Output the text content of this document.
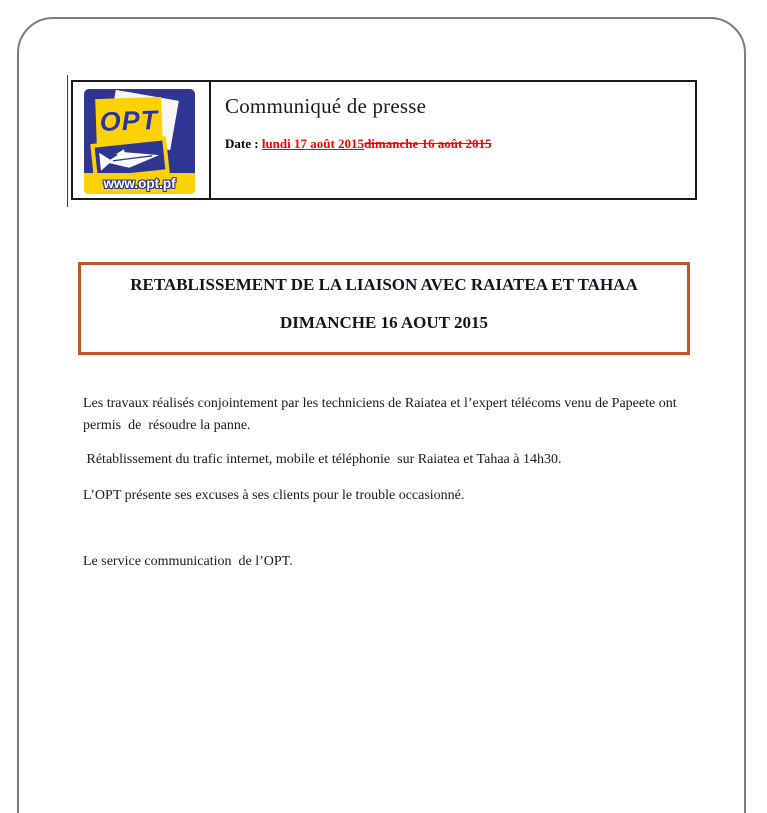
OPT
www.opt.pf
Communiqué de presse
Date : lundi 17 août 2015dimanche 16 août 2015
RETABLISSEMENT DE LA LIAISON AVEC RAIATEA ET TAHAA
DIMANCHE 16 AOUT 2015

Les travaux réalisés conjointement par les techniciens de Raiatea et l’expert télécoms venu de Papeete ont permis  de  résoudre la panne.

Rétablissement du trafic internet, mobile et téléphonie  sur Raiatea et Tahaa à 14h30.

L’OPT présente ses excuses à ses clients pour le trouble occasionné.

Le service communication  de l’OPT.
